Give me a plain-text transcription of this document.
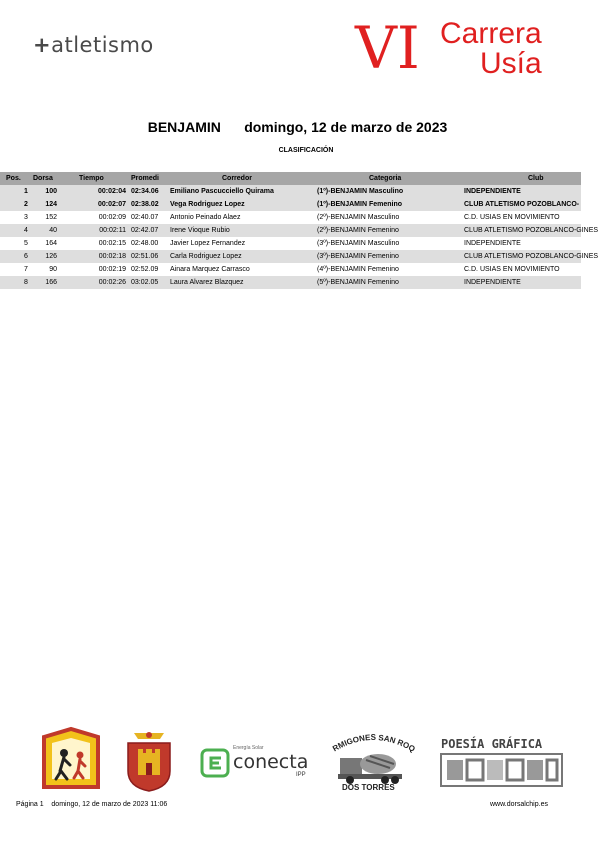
+atletismo	VI Carrera
Usía
BENJAMIN domingo, 12 de marzo de 2023
CLASIFICACIÓN
Pos. Dorsa	Tiempo	Promedi	Corredor	Categoria	Club
1	100	00:02:04 02:34.06 Emiliano Pascucciello Quirama	(1º)-BENJAMIN Masculino	INDEPENDIENTE
2	124	00:02:07 02:38.02 Vega Rodriguez Lopez	(1º)-BENJAMIN Femenino	CLUB ATLETISMO POZOBLANCO-
3	152	00:02:09 02:40.07 Antonio Peinado Alaez	(2º)-BENJAMIN Masculino	C.D. USIAS EN MOVIMIENTO
4	40	00:02:11 02:42.07 Irene Vioque Rubio	(2º)-BENJAMIN Femenino	CLUB ATLETISMO POZOBLANCO-GINES
5	164	00:02:15 02:48.00 Javier Lopez Fernandez	(3º)-BENJAMIN Masculino	INDEPENDIENTE
6	126	00:02:18 02:51.06 Carla Rodriguez Lopez	(3º)-BENJAMIN Femenino	CLUB ATLETISMO POZOBLANCO-GINES
7	90	00:02:19 02:52.09 Ainara Marquez Carrasco	(4º)-BENJAMIN Femenino	C.D. USIAS EN MOVIMIENTO
8	166	00:02:26 03:02.05 Laura Alvarez Blazquez	(5º)-BENJAMIN Femenino	INDEPENDIENTE
Energía Solar
conecta
IPP
RMIGONES SAN ROQ
DOS TORRES
POESÍA GRÁFICA
Página 1    domingo, 12 de marzo de 2023 11:06	www.dorsalchip.es
